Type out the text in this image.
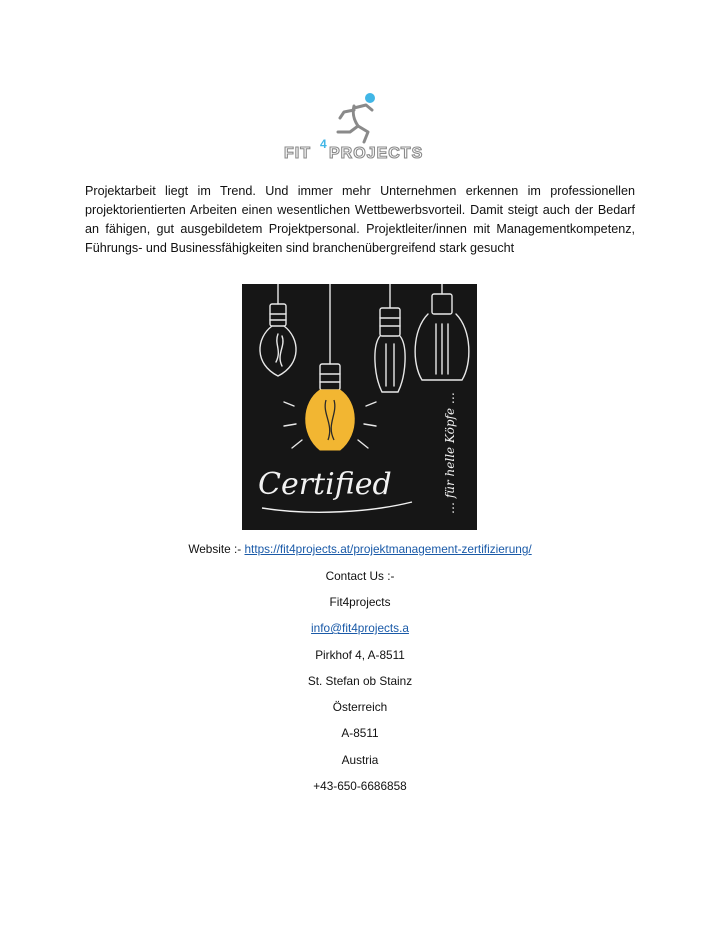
FIT
4
PROJECTS

Projektarbeit liegt im Trend. Und immer mehr Unternehmen erkennen im professionellen projektorientierten Arbeiten einen wesentlichen Wettbewerbsvorteil. Damit steigt auch der Bedarf an fähigen, gut ausgebildetem Projektpersonal. Projektleiter/innen mit Managementkompetenz, Führungs- und Businessfähigkeiten sind branchenübergreifend stark gesucht

Certified	… für helle Köpfe …
Website :- https://fit4projects.at/projektmanagement-zertifizierung/
Contact Us :-
Fit4projects
info@fit4projects.a
Pirkhof 4, A-8511
St. Stefan ob Stainz
Österreich
A-8511
Austria
+43-650-6686858
